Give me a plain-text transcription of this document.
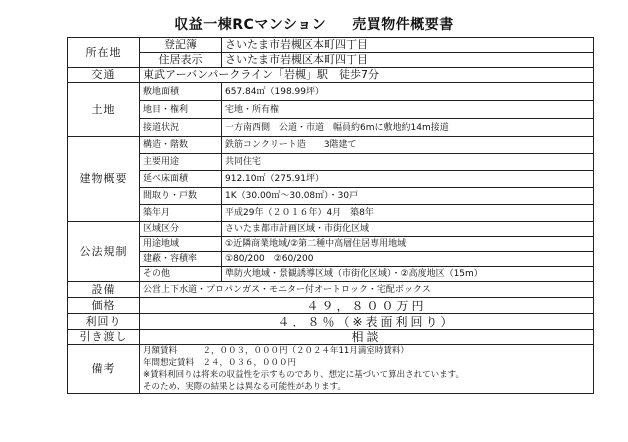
収益一棟RCマンション 売買物件概要書
所在地	登記簿	さいたま市岩槻区本町四丁目
	住居表示	さいたま市岩槻区本町四丁目
交通	東武アーバンパークライン「岩槻」駅　徒歩7分	
土地	敷地面積	657.84㎡（198.99坪）
	地目・権利	宅地・所有権
	接道状況	一方南西側　公道・市道　幅員約6mに敷地約14m接道
建物概要	構造・階数	鉄筋コンクリート造　　3階建て
	主要用途	共同住宅
	延べ床面積	912.10㎡（275.91坪）
	間取り・戸数	1K（30.00㎡～30.08㎡）・30戸
	築年月	平成29年（２０１６年）4月　築8年
公法規制	区域区分	さいたま都市計画区域・市街化区域
	用途地域	①近隣商業地域/②第二種中高層住居専用地域
	建蔽・容積率	①80/200　②60/200
	その他	準防火地域・景観誘導区域（市街化区域）・②高度地区（15m）
設備	公営上下水道・プロパンガス・モニター付オートロック・宅配ボックス	
価格	４９，８００万円	
利回り	４．８％（※表面利回り）	
引き渡し	相談	
備考	月額賃料　　　２，００３，０００円（２０２４年11月満室時賃料）
年間想定賃料　２４，０３６，０００円
※賃料利回りは将来の収益性を示すものであり、想定に基づいて算出されています。
そのため、実際の結果とは異なる可能性があります。	
